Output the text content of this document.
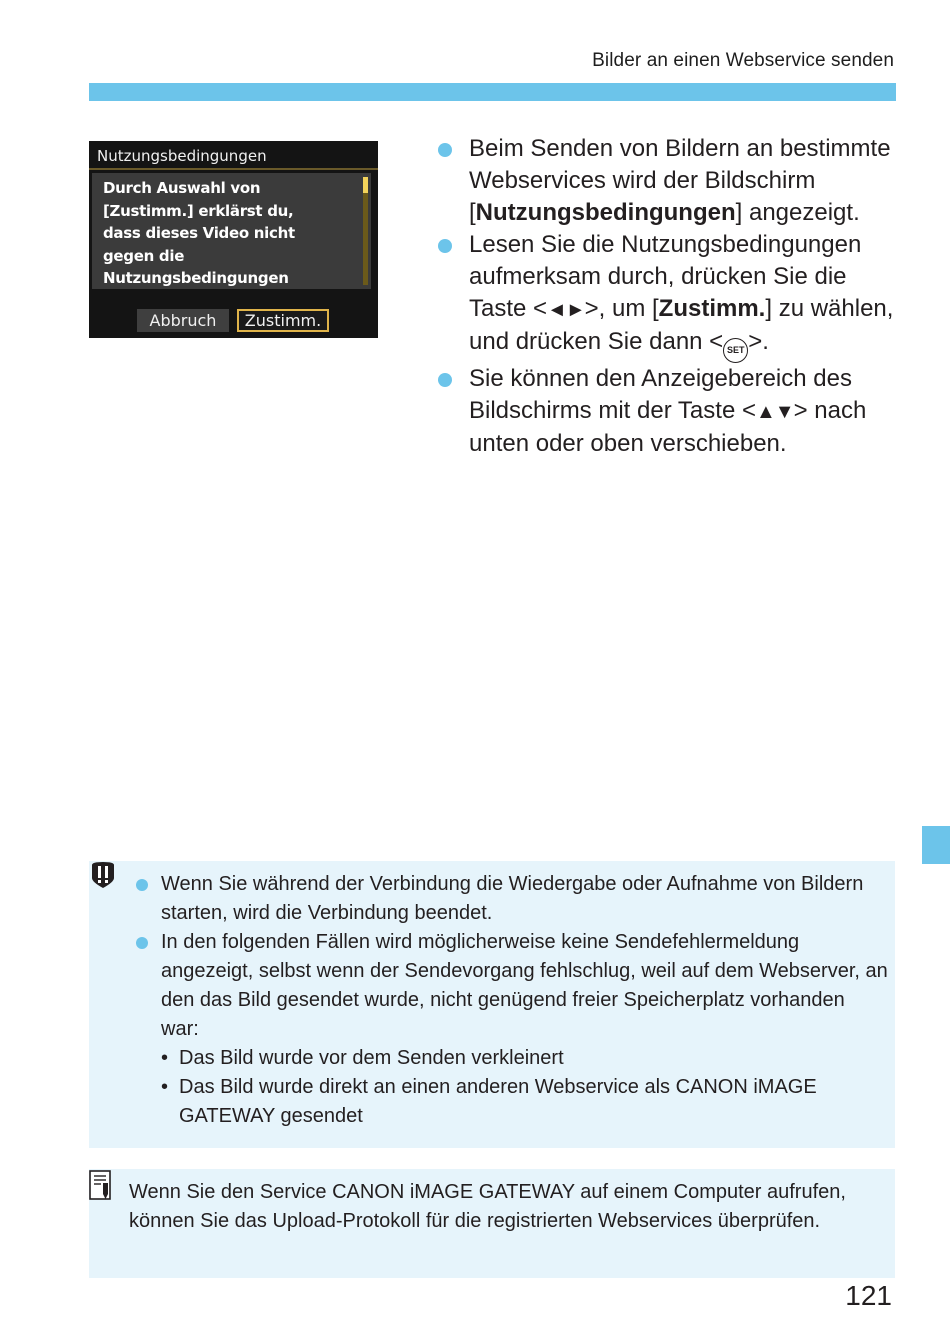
Bilder an einen Webservice senden
Nutzungsbedingungen
Durch Auswahl von
[Zustimm.] erklärst du,
dass dieses Video nicht
gegen die
Nutzungsbedingungen
Abbruch	Zustimm.
Beim Senden von Bildern an bestimmte Webservices wird der Bildschirm [Nutzungsbedingungen] angezeigt.
Lesen Sie die Nutzungsbedingungen aufmerksam durch, drücken Sie die Taste <◄►>, um [Zustimm.] zu wählen, und drücken Sie dann < SET >.
Sie können den Anzeigebereich des Bildschirms mit der Taste <▲▼> nach unten oder oben verschieben.
Wenn Sie während der Verbindung die Wiedergabe oder Aufnahme von Bildern starten, wird die Verbindung beendet.
In den folgenden Fällen wird möglicherweise keine Sendefehlermeldung angezeigt, selbst wenn der Sendevorgang fehlschlug, weil auf dem Webserver, an den das Bild gesendet wurde, nicht genügend freier Speicherplatz vorhanden war:
• Das Bild wurde vor dem Senden verkleinert
• Das Bild wurde direkt an einen anderen Webservice als CANON iMAGE GATEWAY gesendet
Wenn Sie den Service CANON iMAGE GATEWAY auf einem Computer aufrufen, können Sie das Upload-Protokoll für die registrierten Webservices überprüfen.
121
